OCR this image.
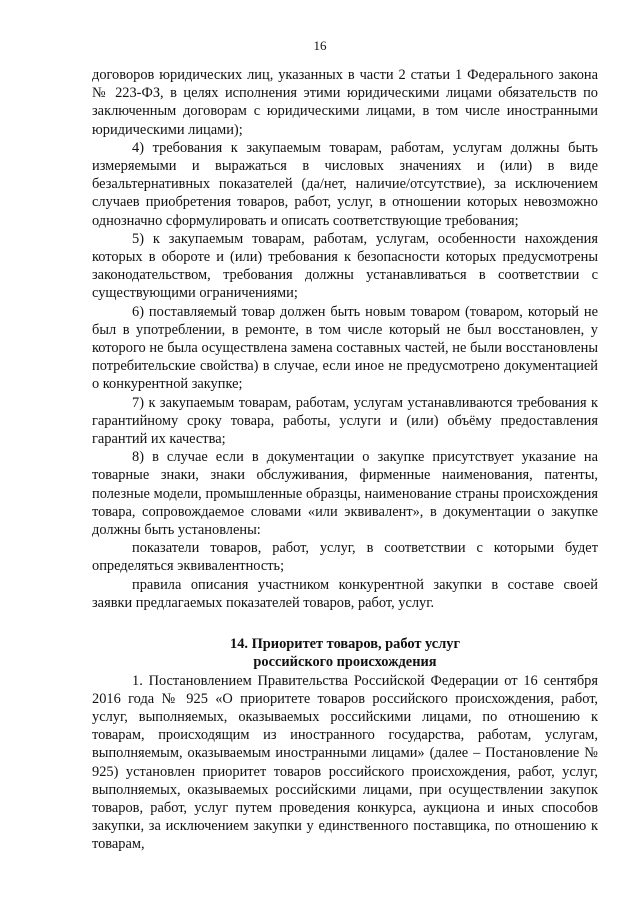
16

договоров юридических лиц, указанных в части 2 статьи 1 Федерального закона № 223-ФЗ, в целях исполнения этими юридическими лицами обязательств по заключенным договорам с юридическими лицами, в том числе иностранными юридическими лицами);

4) требования к закупаемым товарам, работам, услугам должны быть измеряемыми и выражаться в числовых значениях и (или) в виде безальтернативных показателей (да/нет, наличие/отсутствие), за исключением случаев приобретения товаров, работ, услуг, в отношении которых невозможно однозначно сформулировать и описать соответствующие требования;

5) к закупаемым товарам, работам, услугам, особенности нахождения которых в обороте и (или) требования к безопасности которых предусмотрены законодательством, требования должны устанавливаться в соответствии с существующими ограничениями;

6) поставляемый товар должен быть новым товаром (товаром, который не был в употреблении, в ремонте, в том числе который не был восстановлен, у которого не была осуществлена замена составных частей, не были восстановлены потребительские свойства) в случае, если иное не предусмотрено документацией о конкурентной закупке;

7) к закупаемым товарам, работам, услугам устанавливаются требования к гарантийному сроку товара, работы, услуги и (или) объёму предоставления гарантий их качества;

8) в случае если в документации о закупке присутствует указание на товарные знаки, знаки обслуживания, фирменные наименования, патенты, полезные модели, промышленные образцы, наименование страны происхождения товара, сопровождаемое словами «или эквивалент», в документации о закупке должны быть установлены:

показатели товаров, работ, услуг, в соответствии с которыми будет определяться эквивалентность;

правила описания участником конкурентной закупки в составе своей заявки предлагаемых показателей товаров, работ, услуг.

14. Приоритет товаров, работ услуг
российского происхождения

1. Постановлением Правительства Российской Федерации от 16 сентября 2016 года № 925 «О приоритете товаров российского происхождения, работ, услуг, выполняемых, оказываемых российскими лицами, по отношению к товарам, происходящим из иностранного государства, работам, услугам, выполняемым, оказываемым иностранными лицами» (далее – Постановление № 925) установлен приоритет товаров российского происхождения, работ, услуг, выполняемых, оказываемых российскими лицами, при осуществлении закупок товаров, работ, услуг путем проведения конкурса, аукциона и иных способов закупки, за исключением закупки у единственного поставщика, по отношению к товарам,
